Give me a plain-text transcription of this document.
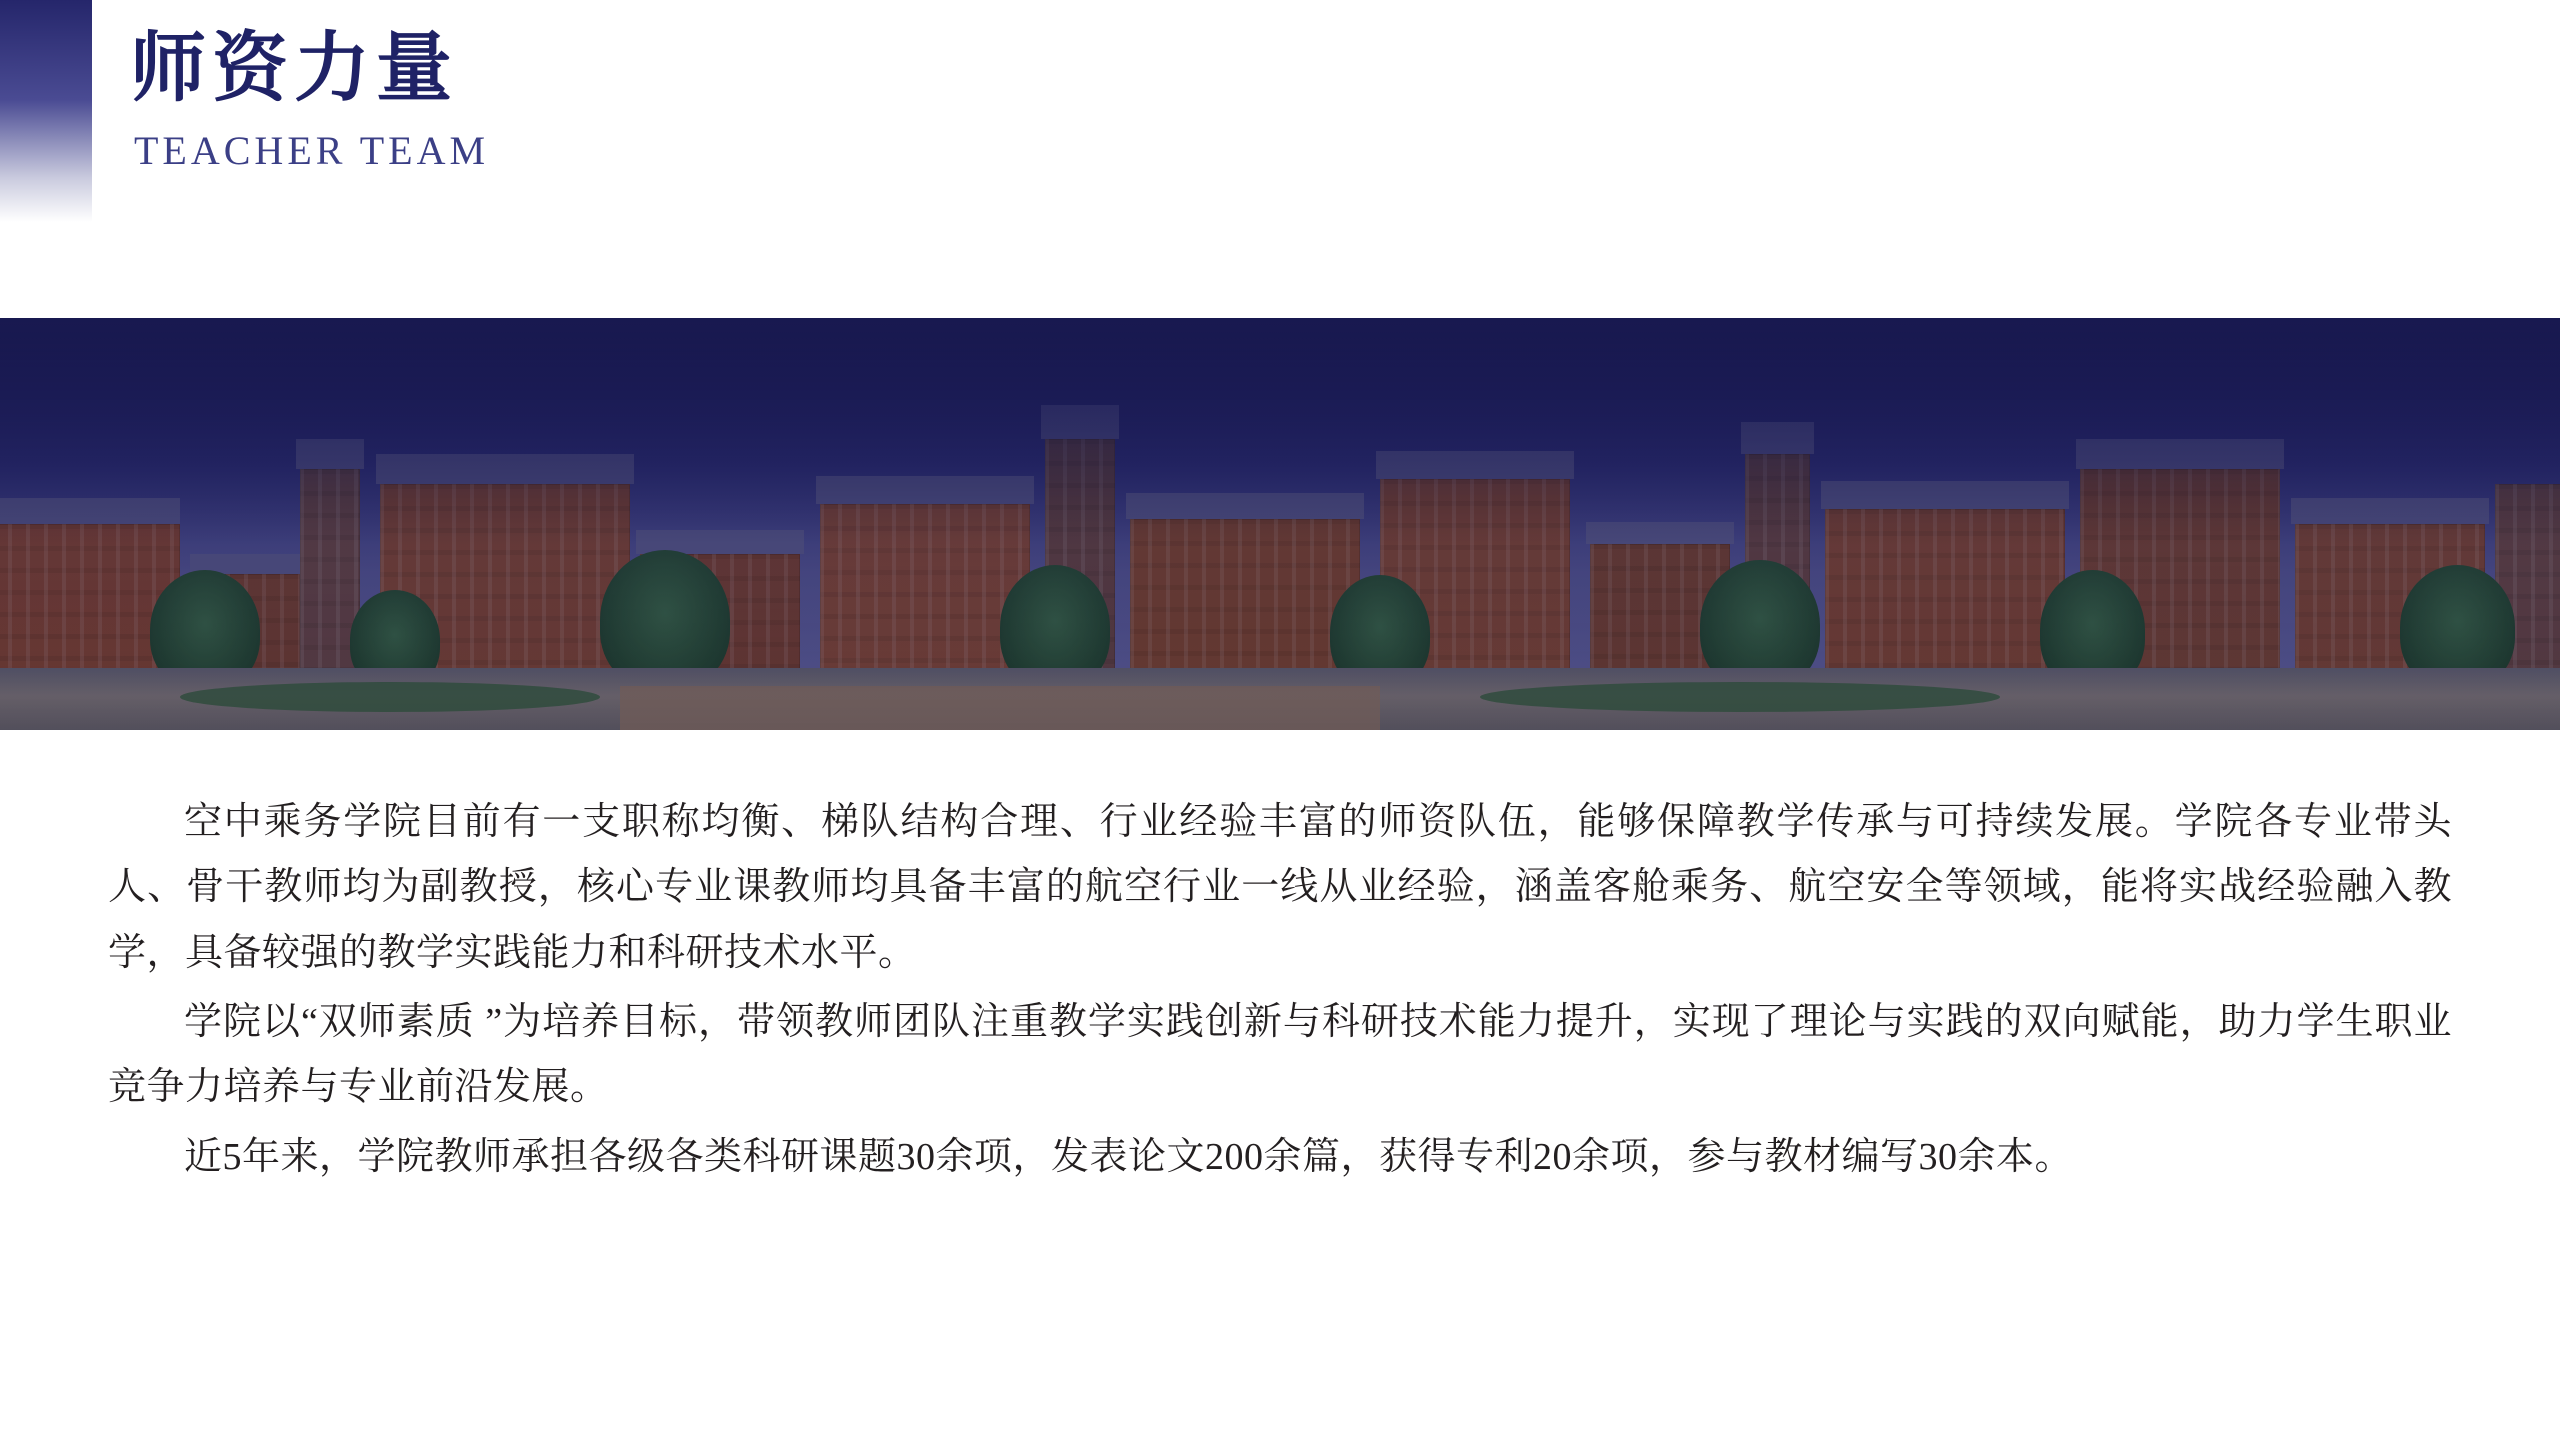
师资力量
TEACHER TEAM

空中乘务学院目前有一支职称均衡、梯队结构合理、行业经验丰富的师资队伍，能够保障教学传承与可持续发展。学院各专业带头人、骨干教师均为副教授，核心专业课教师均具备丰富的航空行业一线从业经验，涵盖客舱乘务、航空安全等领域，能将实战经验融入教学，具备较强的教学实践能力和科研技术水平。

学院以“双师素质 ”为培养目标，带领教师团队注重教学实践创新与科研技术能力提升，实现了理论与实践的双向赋能，助力学生职业竞争力培养与专业前沿发展。

近5年来，学院教师承担各级各类科研课题30余项，发表论文200余篇，获得专利20余项，参与教材编写30余本。
